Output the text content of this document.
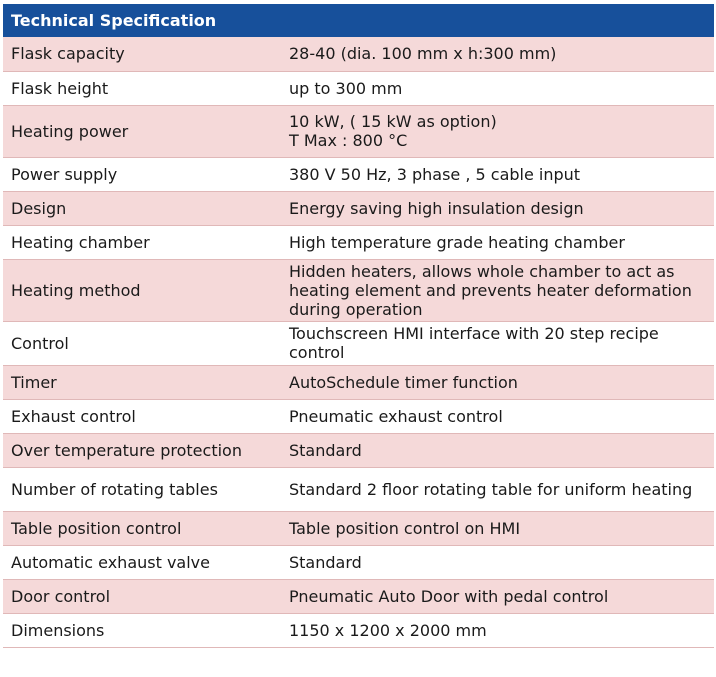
Technical Specification	
Flask capacity	28-40 (dia. 100 mm x h:300 mm)
Flask height	up to 300 mm
Heating power	10 kW, ( 15 kW as option)
T Max : 800 °C
Power supply	380 V 50 Hz, 3 phase , 5 cable input
Design	Energy saving high insulation design
Heating chamber	High temperature grade heating chamber
Heating method	Hidden heaters, allows whole chamber to act as heating element and prevents heater deformation during operation
Control	Touchscreen HMI interface with 20 step recipe control
Timer	AutoSchedule timer function
Exhaust control	Pneumatic exhaust control
Over temperature protection	Standard
Number of rotating tables	Standard 2 floor rotating table for uniform heating
Table position control	Table position control on HMI
Automatic exhaust valve	Standard
Door control	Pneumatic Auto Door with pedal control
Dimensions	1150 x 1200 x 2000 mm
